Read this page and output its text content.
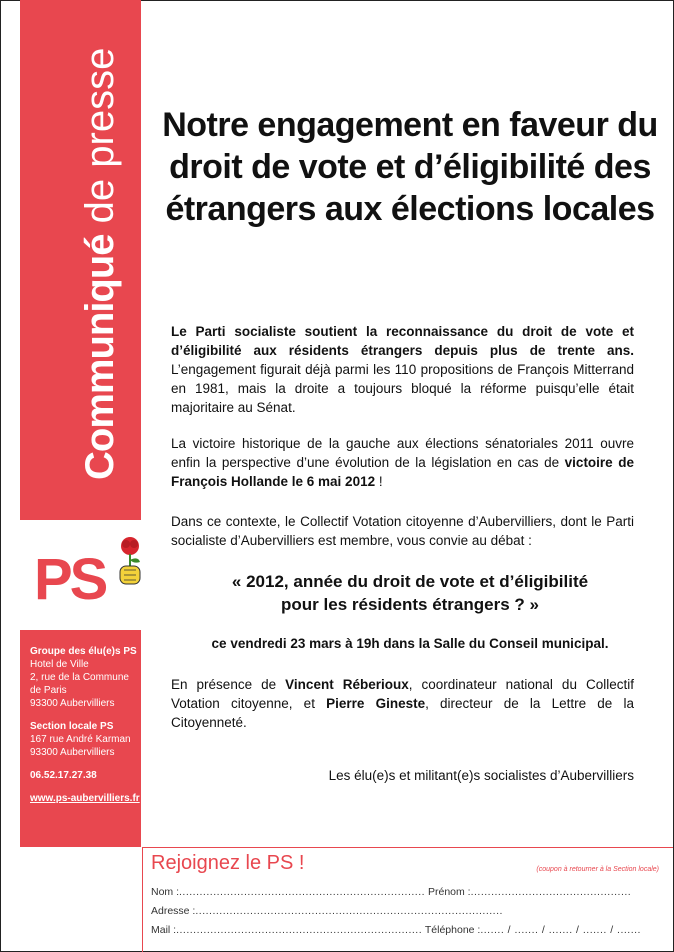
Communiqué de presse
PS

Groupe des élu(e)s PS
Hotel de Ville
2, rue de la Commune
de Paris
93300 Aubervilliers

Section locale PS
167 rue André Karman
93300 Aubervilliers

06.52.17.27.38

www.ps-aubervilliers.fr

Notre engagement en faveur du droit de vote et d’éligibilité des étrangers aux élections locales
Le Parti socialiste soutient la reconnaissance du droit de vote et d’éligibilité aux résidents étrangers depuis plus de trente ans. L’engagement figurait déjà parmi les 110 propositions de François Mitterrand en 1981, mais la droite a toujours bloqué la réforme puisqu’elle était majoritaire au Sénat.
La victoire historique de la gauche aux élections sénatoriales 2011 ouvre enfin la perspective d’une évolution de la législation en cas de victoire de François Hollande le 6 mai 2012 !
Dans ce contexte, le Collectif Votation citoyenne d’Aubervilliers, dont le Parti socialiste d’Aubervilliers est membre, vous convie au débat :
« 2012, année du droit de vote et d’éligibilité
pour les résidents étrangers ? »
ce vendredi 23 mars à 19h dans la Salle du Conseil municipal.
En présence de Vincent Réberioux, coordinateur national du Collectif Votation citoyenne, et Pierre Gineste, directeur de la Lettre de la Citoyenneté.
Les élu(e)s et militant(e)s socialistes d’Aubervilliers
Rejoignez le PS !	(coupon à retourner à la Section locale)
Nom :........................................................................ Prénom :...............................................
Adresse :..........................................................................................
Mail :........................................................................ Téléphone :....... / ....... / ....... / ....... / .......
